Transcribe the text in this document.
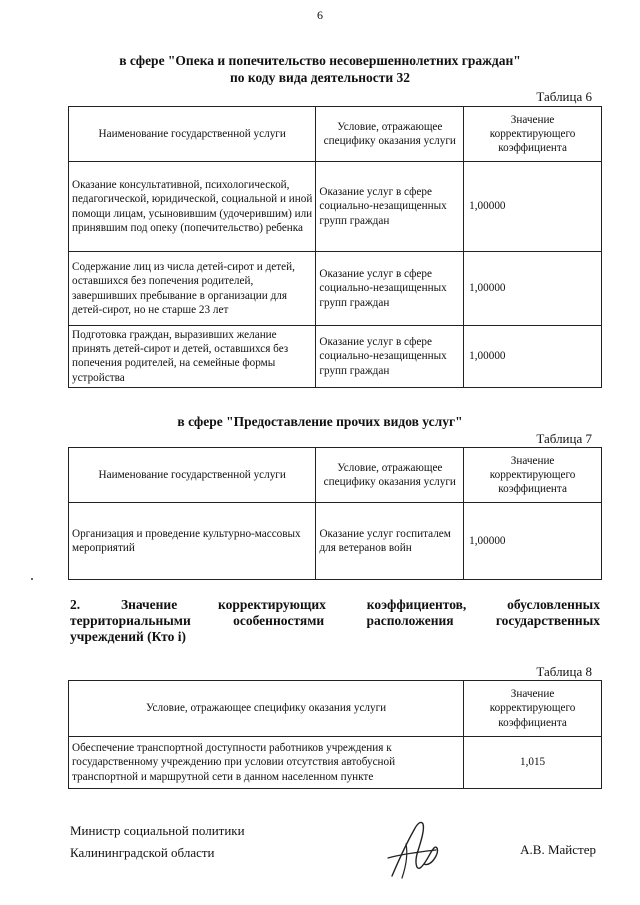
6
в сфере "Опека и попечительство несовершеннолетних граждан"
по коду вида деятельности 32
Таблица 6
Наименование государственной услуги	Условие, отражающее специфику оказания услуги	Значение корректирующего коэффициента
Оказание консультативной, психологической, педагогической, юридической, социальной и иной помощи лицам, усыновившим (удочерившим) или принявшим под опеку (попечительство) ребенка	Оказание услуг в сфере социально-незащищенных групп граждан	1,00000
Содержание лиц из числа детей-сирот и детей, оставшихся без попечения родителей, завершивших пребывание в организации для детей-сирот, но не старше 23 лет	Оказание услуг в сфере социально-незащищенных групп граждан	1,00000
Подготовка граждан, выразивших желание принять детей-сирот и детей, оставшихся без попечения родителей, на семейные формы устройства	Оказание услуг в сфере социально-незащищенных групп граждан	1,00000
в сфере "Предоставление прочих видов услуг"
Таблица 7
Наименование государственной услуги	Условие, отражающее специфику оказания услуги	Значение корректирующего коэффициента
Организация и проведение культурно-массовых мероприятий	Оказание услуг госпиталем для ветеранов войн	1,00000
2.	Значение	корректирующих	коэффициентов,	обусловленных
территориальными особенностями расположения государственных
учреждений (Кто i)
Таблица 8
Условие, отражающее специфику оказания услуги	Значение корректирующего коэффициента
Обеспечение транспортной доступности работников учреждения к государственному учреждению при условии отсутствия автобусной транспортной и маршрутной сети в данном населенном пункте	1,015
Министр социальной политики
Калининградской области	А.В. Майстер
